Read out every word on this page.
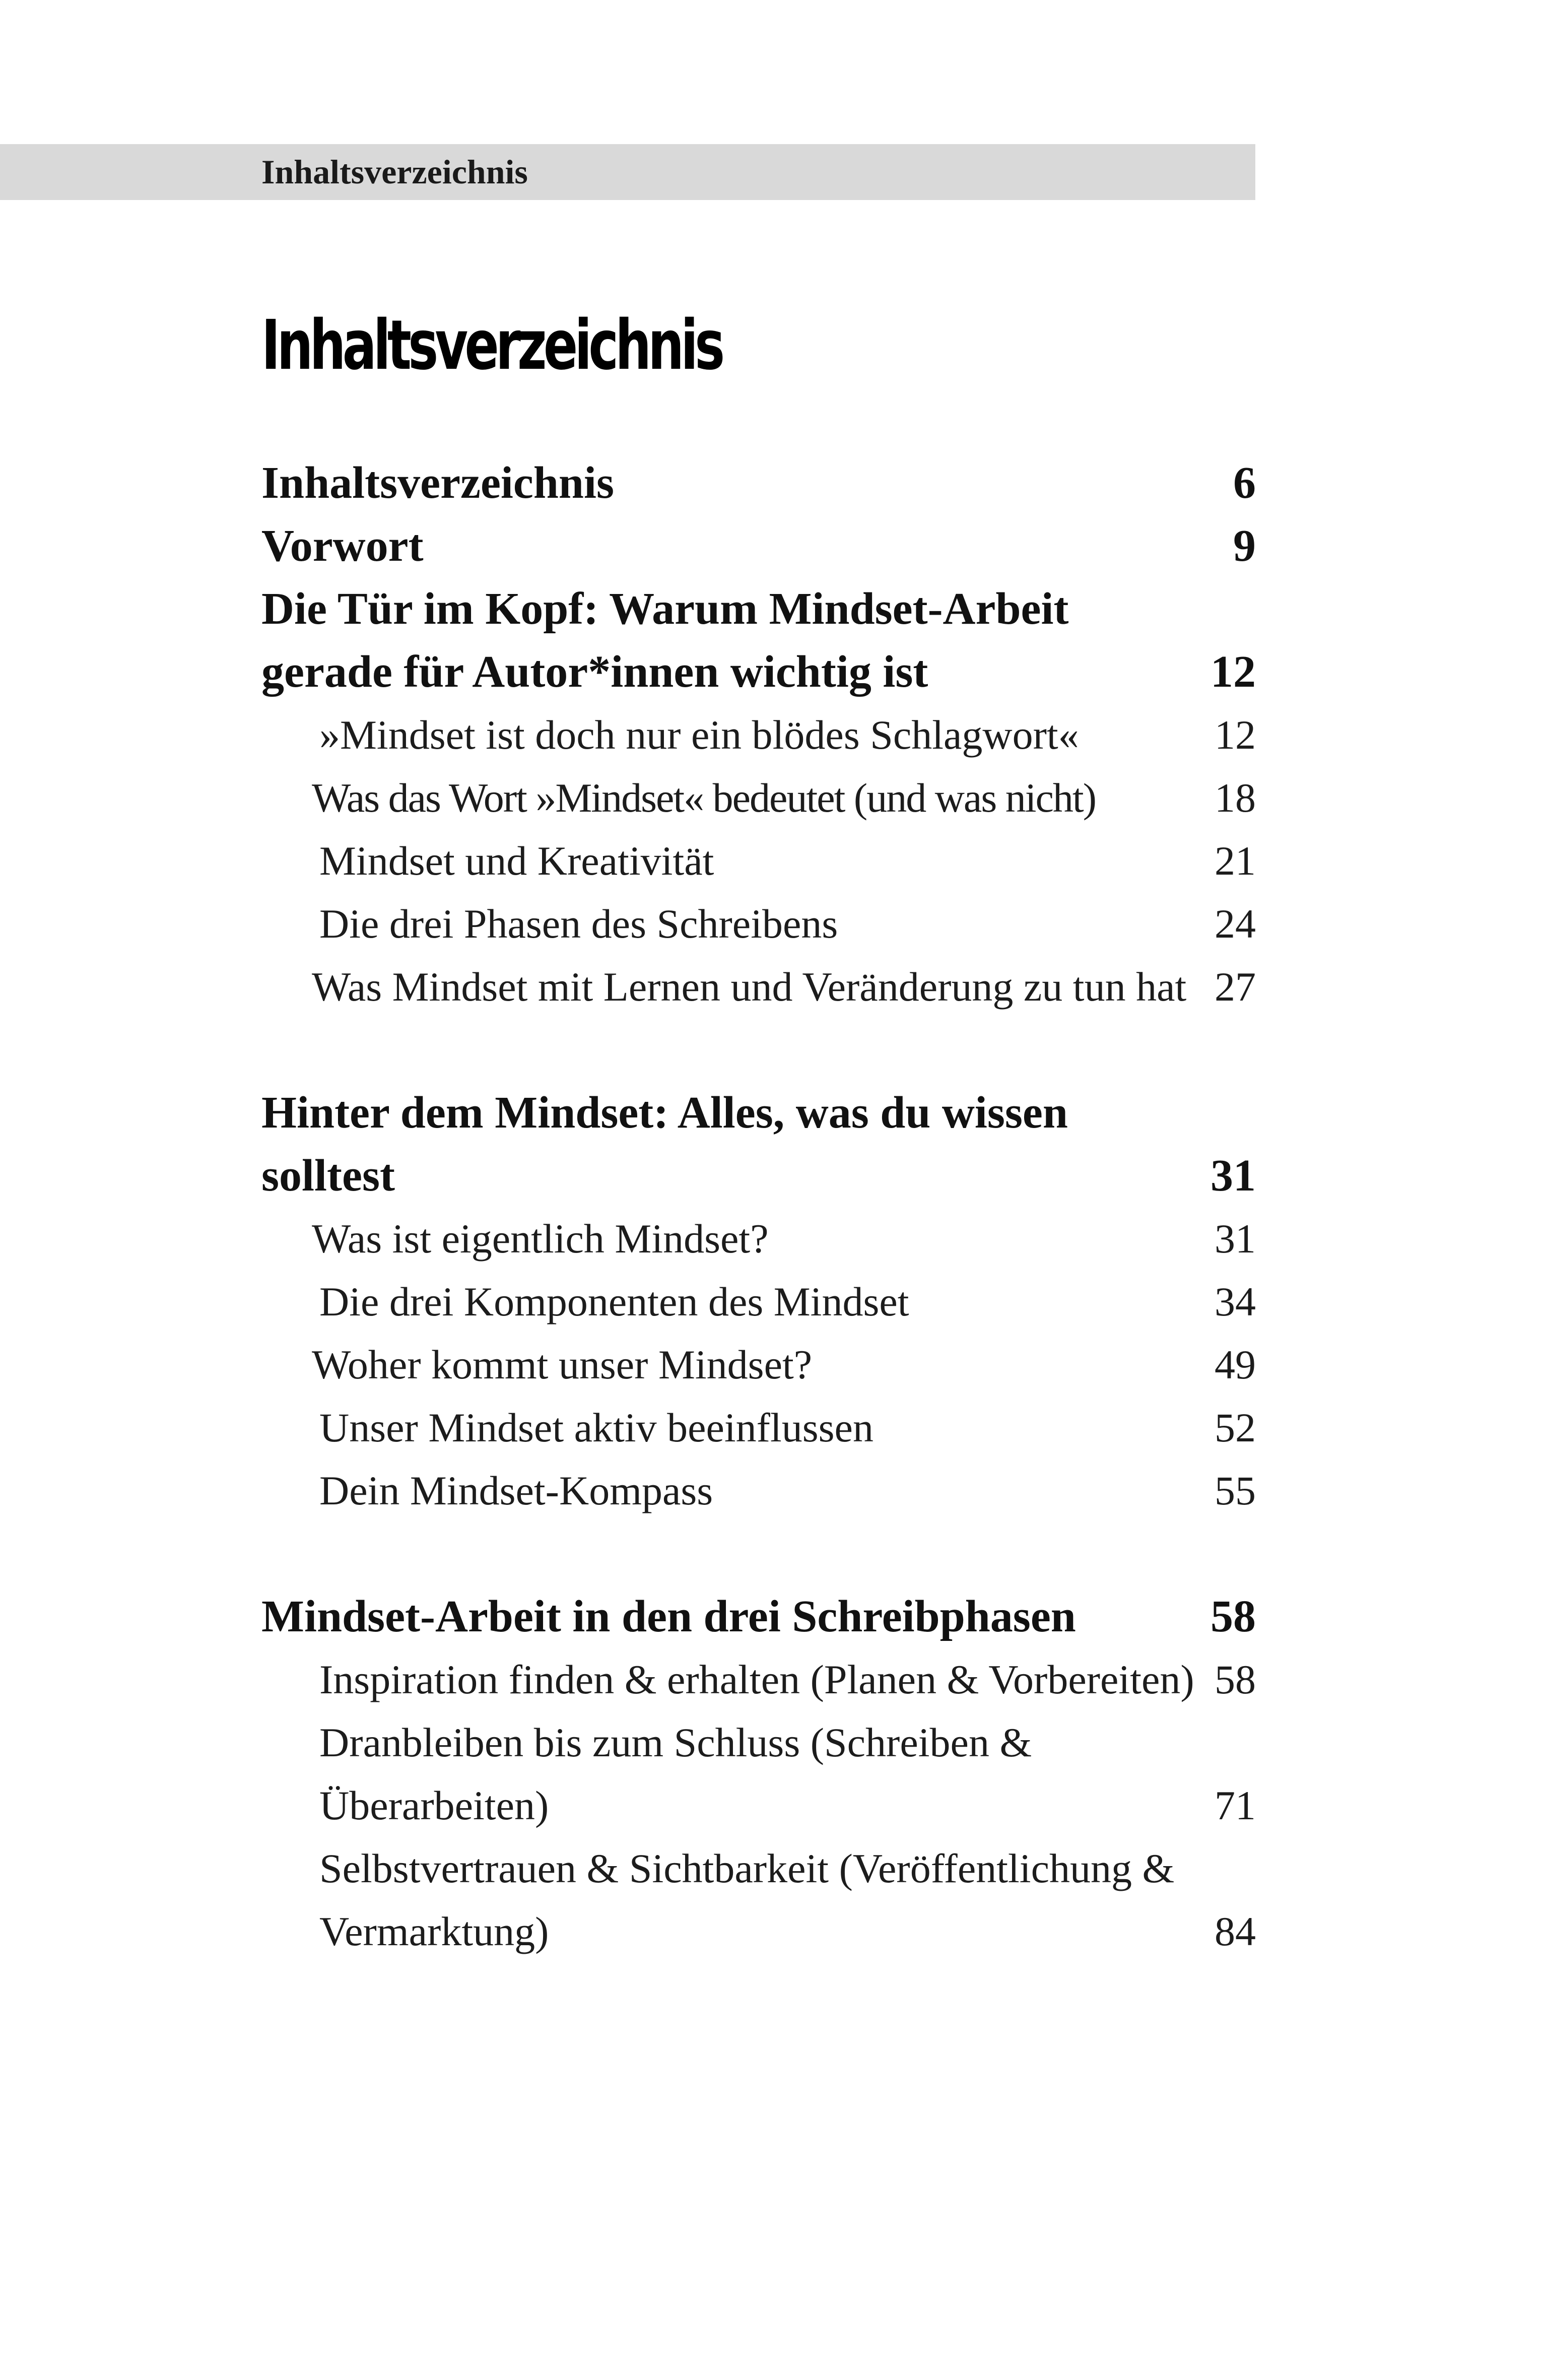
Inhaltsverzeichnis
Inhaltsverzeichnis
Inhaltsverzeichnis	6
Vorwort	9
Die Tür im Kopf: Warum Mindset-Arbeit gerade für Autor*innen wichtig ist	12
»Mindset ist doch nur ein blödes Schlagwort«	12
Was das Wort »Mindset« bedeutet (und was nicht)	18
Mindset und Kreativität	21
Die drei Phasen des Schreibens	24
Was Mindset mit Lernen und Veränderung zu tun hat 27
Hinter dem Mindset: Alles, was du wissen solltest	31
Was ist eigentlich Mindset?	31
Die drei Komponenten des Mindset	34
Woher kommt unser Mindset?	49
Unser Mindset aktiv beeinflussen	52
Dein Mindset-Kompass	55
Mindset-Arbeit in den drei Schreibphasen	58
Inspiration finden & erhalten (Planen & Vorbereiten) 58
Dranbleiben bis zum Schluss (Schreiben & Überarbeiten)	71
Selbstvertrauen & Sichtbarkeit (Veröffentlichung & Vermarktung)	84
